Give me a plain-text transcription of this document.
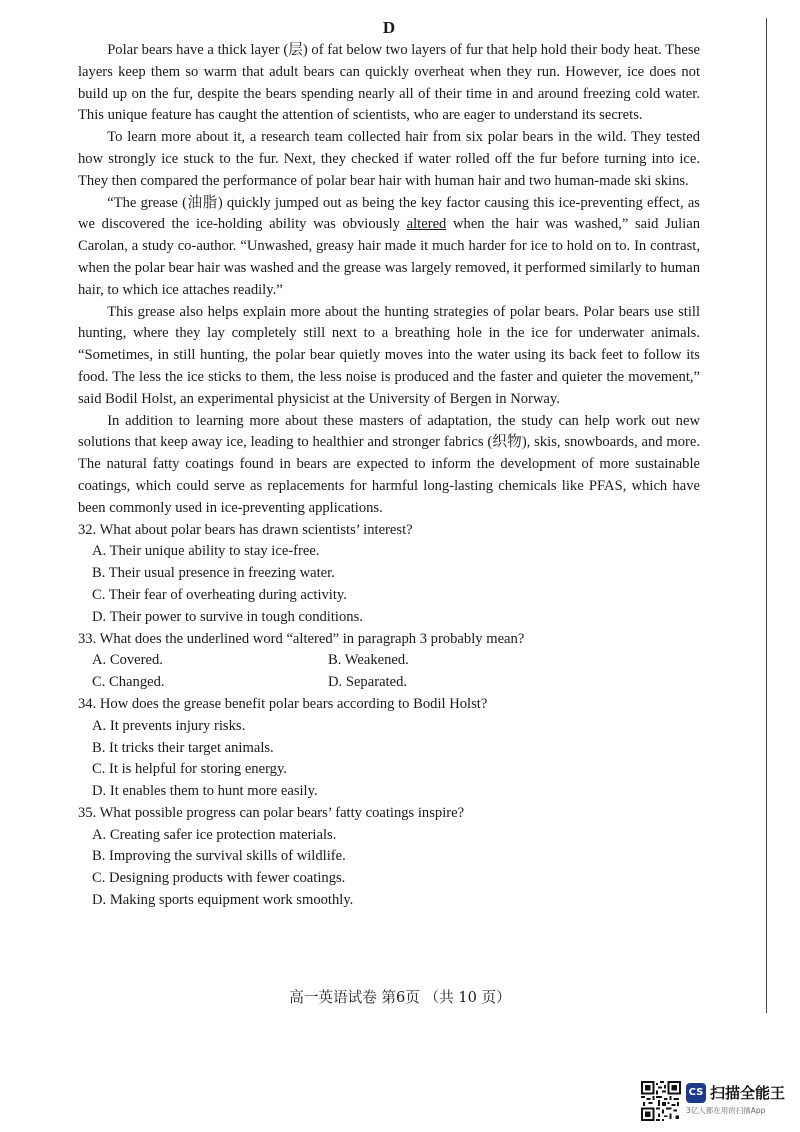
D

Polar bears have a thick layer (层) of fat below two layers of fur that help hold their body heat. These layers keep them so warm that adult bears can quickly overheat when they run. However, ice does not build up on the fur, despite the bears spending nearly all of their time in and around freezing cold water. This unique feature has caught the attention of scientists, who are eager to understand its secrets.

To learn more about it, a research team collected hair from six polar bears in the wild. They tested how strongly ice stuck to the fur. Next, they checked if water rolled off the fur before turning into ice. They then compared the performance of polar bear hair with human hair and two human-made ski skins.

“The grease (油脂) quickly jumped out as being the key factor causing this ice-preventing effect, as we discovered the ice-holding ability was obviously altered when the hair was washed,” said Julian Carolan, a study co-author. “Unwashed, greasy hair made it much harder for ice to hold on to. In contrast, when the polar bear hair was washed and the grease was largely removed, it performed similarly to human hair, to which ice attaches readily.”

This grease also helps explain more about the hunting strategies of polar bears. Polar bears use still hunting, where they lay completely still next to a breathing hole in the ice for underwater animals. “Sometimes, in still hunting, the polar bear quietly moves into the water using its back feet to follow its food. The less the ice sticks to them, the less noise is produced and the faster and quieter the movement,” said Bodil Holst, an experimental physicist at the University of Bergen in Norway.

In addition to learning more about these masters of adaptation, the study can help work out new solutions that keep away ice, leading to healthier and stronger fabrics (织物), skis, snowboards, and more. The natural fatty coatings found in bears are expected to inform the development of more sustainable coatings, which could serve as replacements for harmful long-lasting chemicals like PFAS, which have been commonly used in ice-preventing applications.

32. What about polar bears has drawn scientists’ interest?

A. Their unique ability to stay ice-free.

B. Their usual presence in freezing water.

C. Their fear of overheating during activity.

D. Their power to survive in tough conditions.

33. What does the underlined word “altered” in paragraph 3 probably mean?

A. Covered.	B. Weakened.

C. Changed.	D. Separated.

34. How does the grease benefit polar bears according to Bodil Holst?

A. It prevents injury risks.

B. It tricks their target animals.

C. It is helpful for storing energy.

D. It enables them to hunt more easily.

35. What possible progress can polar bears’ fatty coatings inspire?

A. Creating safer ice protection materials.

B. Improving the survival skills of wildlife.

C. Designing products with fewer coatings.

D. Making sports equipment work smoothly.

高一英语试卷 第6页 （共 10 页）
CS 扫描全能王
3亿人都在用的扫描App
